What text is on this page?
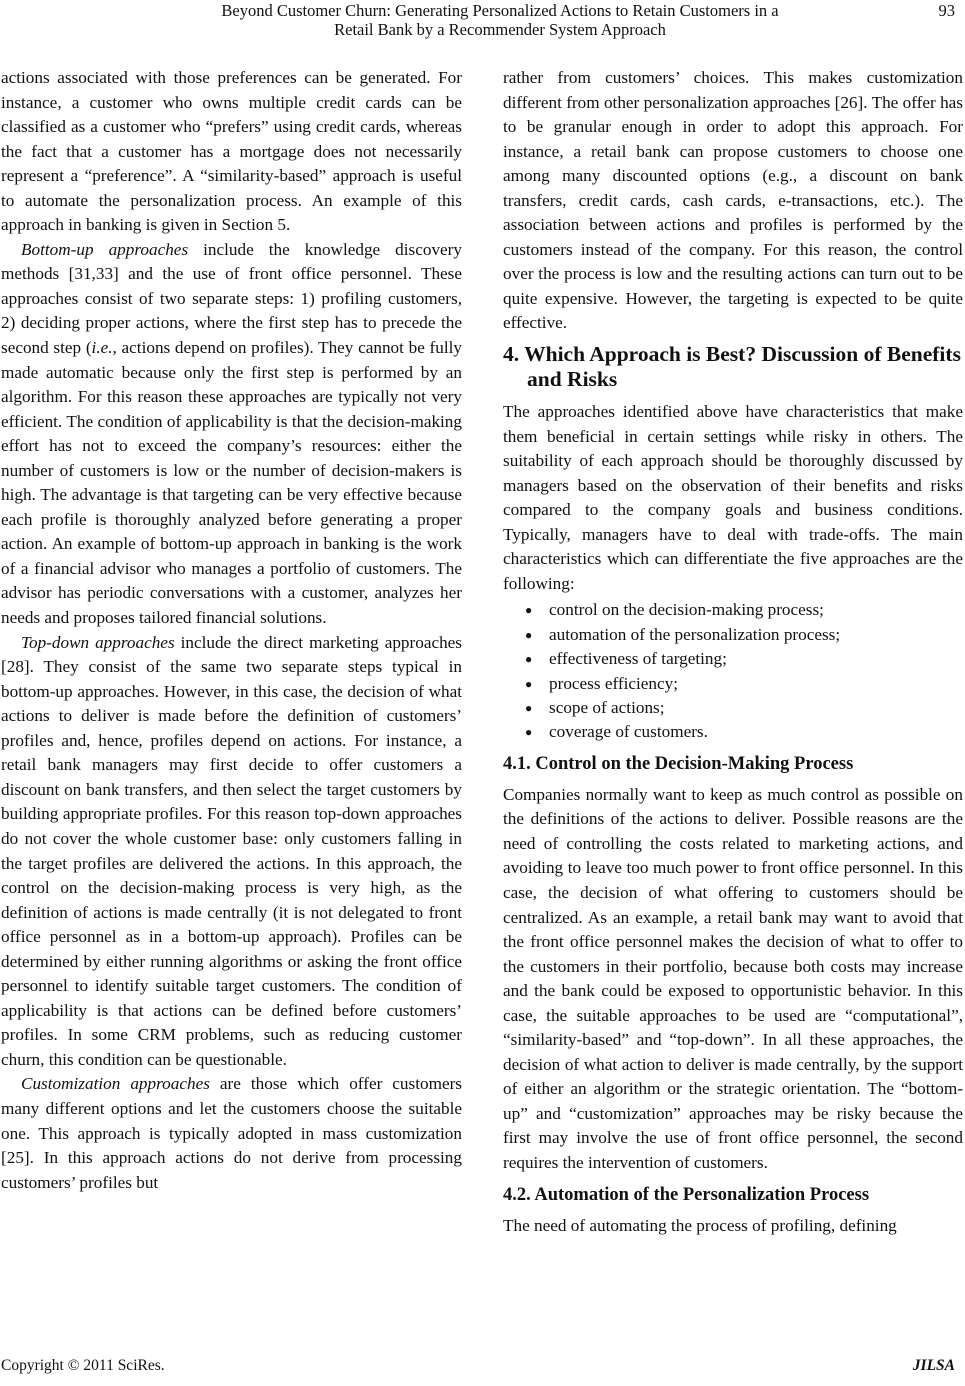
Beyond Customer Churn: Generating Personalized Actions to Retain Customers in a
Retail Bank by a Recommender System Approach
93

actions associated with those preferences can be generated. For instance, a customer who owns multiple credit cards can be classified as a customer who “prefers” using credit cards, whereas the fact that a customer has a mortgage does not necessarily represent a “preference”. A “similarity-based” approach is useful to automate the personalization process. An example of this approach in banking is given in Section 5.

Bottom-up approaches include the knowledge discovery methods [31,33] and the use of front office personnel. These approaches consist of two separate steps: 1) profiling customers, 2) deciding proper actions, where the first step has to precede the second step (i.e., actions depend on profiles). They cannot be fully made automatic because only the first step is performed by an algorithm. For this reason these approaches are typically not very efficient. The condition of applicability is that the decision-making effort has not to exceed the company’s resources: either the number of customers is low or the number of decision-makers is high. The advantage is that targeting can be very effective because each profile is thoroughly analyzed before generating a proper action. An example of bottom-up approach in banking is the work of a financial advisor who manages a portfolio of customers. The advisor has periodic conversations with a customer, analyzes her needs and proposes tailored financial solutions.

Top-down approaches include the direct marketing approaches [28]. They consist of the same two separate steps typical in bottom-up approaches. However, in this case, the decision of what actions to deliver is made before the definition of customers’ profiles and, hence, profiles depend on actions. For instance, a retail bank managers may first decide to offer customers a discount on bank transfers, and then select the target customers by building appropriate profiles. For this reason top-down approaches do not cover the whole customer base: only customers falling in the target profiles are delivered the actions. In this approach, the control on the decision-making process is very high, as the definition of actions is made centrally (it is not delegated to front office personnel as in a bottom-up approach). Profiles can be determined by either running algorithms or asking the front office personnel to identify suitable target customers. The condition of applicability is that actions can be defined before customers’ profiles. In some CRM problems, such as reducing customer churn, this condition can be questionable.

Customization approaches are those which offer customers many different options and let the customers choose the suitable one. This approach is typically adopted in mass customization [25]. In this approach actions do not derive from processing customers’ profiles but

rather from customers’ choices. This makes customization different from other personalization approaches [26]. The offer has to be granular enough in order to adopt this approach. For instance, a retail bank can propose customers to choose one among many discounted options (e.g., a discount on bank transfers, credit cards, cash cards, e-transactions, etc.). The association between actions and profiles is performed by the customers instead of the company. For this reason, the control over the process is low and the resulting actions can turn out to be quite expensive. However, the targeting is expected to be quite effective.

4. Which Approach is Best? Discussion of Benefits and Risks

The approaches identified above have characteristics that make them beneficial in certain settings while risky in others. The suitability of each approach should be thoroughly discussed by managers based on the observation of their benefits and risks compared to the company goals and business conditions. Typically, managers have to deal with trade-offs. The main characteristics which can differentiate the five approaches are the following:

● control on the decision-making process;
● automation of the personalization process;
● effectiveness of targeting;
● process efficiency;
● scope of actions;
● coverage of customers.
4.1. Control on the Decision-Making Process

Companies normally want to keep as much control as possible on the definitions of the actions to deliver. Possible reasons are the need of controlling the costs related to marketing actions, and avoiding to leave too much power to front office personnel. In this case, the decision of what offering to customers should be centralized. As an example, a retail bank may want to avoid that the front office personnel makes the decision of what to offer to the customers in their portfolio, because both costs may increase and the bank could be exposed to opportunistic behavior. In this case, the suitable approaches to be used are “computational”, “similarity-based” and “top-down”. In all these approaches, the decision of what action to deliver is made centrally, by the support of either an algorithm or the strategic orientation. The “bottom-up” and “customization” approaches may be risky because the first may involve the use of front office personnel, the second requires the intervention of customers.

4.2. Automation of the Personalization Process

The need of automating the process of profiling, defining

Copyright © 2011 SciRes.	JILSA
